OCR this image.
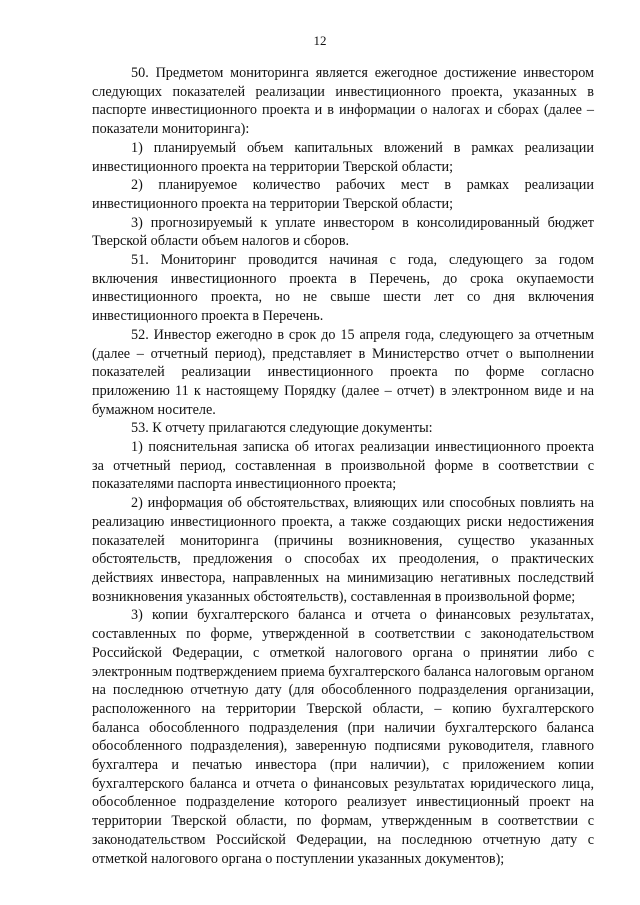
12

50. Предметом мониторинга является ежегодное достижение инвестором следующих показателей реализации инвестиционного проекта, указанных в паспорте инвестиционного проекта и в информации о налогах и сборах (далее – показатели мониторинга):

1) планируемый объем капитальных вложений в рамках реализации инвестиционного проекта на территории Тверской области;

2) планируемое количество рабочих мест в рамках реализации инвестиционного проекта на территории Тверской области;

3) прогнозируемый к уплате инвестором в консолидированный бюджет Тверской области объем налогов и сборов.

51. Мониторинг проводится начиная с года, следующего за годом включения инвестиционного проекта в Перечень, до срока окупаемости инвестиционного проекта, но не свыше шести лет со дня включения инвестиционного проекта в Перечень.

52. Инвестор ежегодно в срок до 15 апреля года, следующего за отчетным (далее – отчетный период), представляет в Министерство отчет о выполнении показателей реализации инвестиционного проекта по форме согласно приложению 11 к настоящему Порядку (далее – отчет) в электронном виде и на бумажном носителе.

53. К отчету прилагаются следующие документы:

1) пояснительная записка об итогах реализации инвестиционного проекта за отчетный период, составленная в произвольной форме в соответствии с показателями паспорта инвестиционного проекта;

2) информация об обстоятельствах, влияющих или способных повлиять на реализацию инвестиционного проекта, а также создающих риски недостижения показателей мониторинга (причины возникновения, существо указанных обстоятельств, предложения о способах их преодоления, о практических действиях инвестора, направленных на минимизацию негативных последствий возникновения указанных обстоятельств), составленная в произвольной форме;

3) копии бухгалтерского баланса и отчета о финансовых результатах, составленных по форме, утвержденной в соответствии с законодательством Российской Федерации, с отметкой налогового органа о принятии либо с электронным подтверждением приема бухгалтерского баланса налоговым органом на последнюю отчетную дату (для обособленного подразделения организации, расположенного на территории Тверской области, – копию бухгалтерского баланса обособленного подразделения (при наличии бухгалтерского баланса обособленного подразделения), заверенную подписями руководителя, главного бухгалтера и печатью инвестора (при наличии), с приложением копии бухгалтерского баланса и отчета о финансовых результатах юридического лица, обособленное подразделение которого реализует инвестиционный проект на территории Тверской области, по формам, утвержденным в соответствии с законодательством Российской Федерации, на последнюю отчетную дату с отметкой налогового органа о поступлении указанных документов);
